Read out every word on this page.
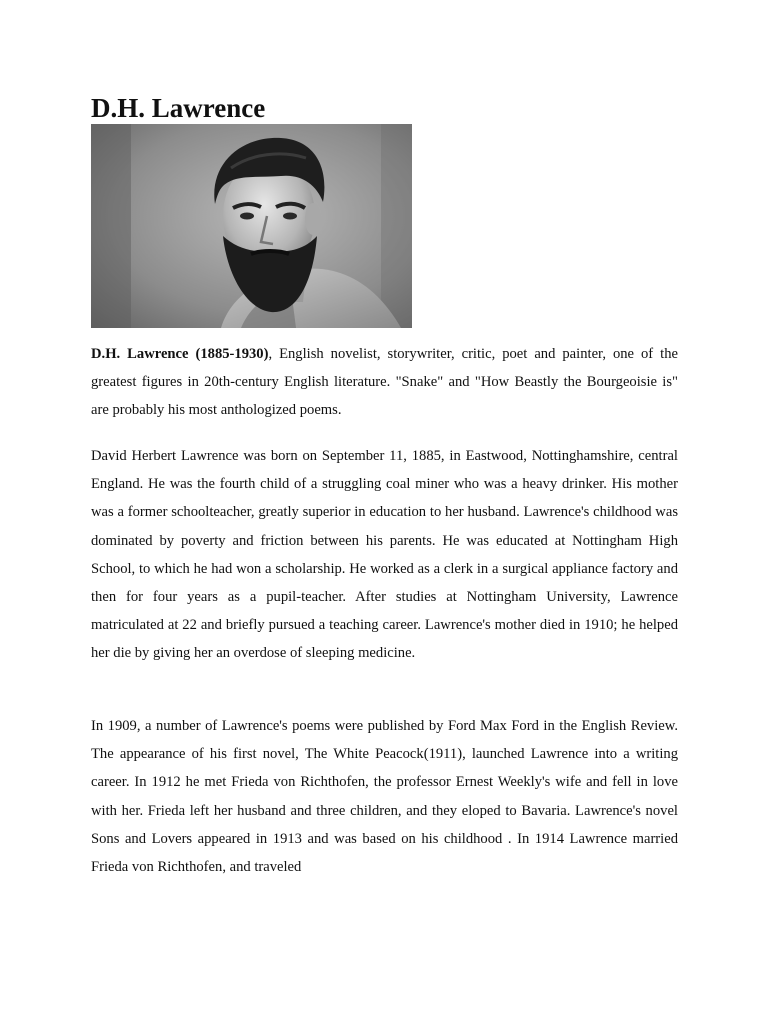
D.H. Lawrence

D.H. Lawrence (1885-1930), English novelist, storywriter, critic, poet and painter, one of the greatest figures in 20th-century English literature. "Snake" and "How Beastly the Bourgeoisie is" are probably his most anthologized poems.

David Herbert Lawrence was born on September 11, 1885, in Eastwood, Nottinghamshire, central England. He was the fourth child of a struggling coal miner who was a heavy drinker. His mother was a former schoolteacher, greatly superior in education to her husband. Lawrence's childhood was dominated by poverty and friction between his parents. He was educated at Nottingham High School, to which he had won a scholarship. He worked as a clerk in a surgical appliance factory and then for four years as a pupil-teacher. After studies at Nottingham University, Lawrence matriculated at 22 and briefly pursued a teaching career. Lawrence's mother died in 1910; he helped her die by giving her an overdose of sleeping medicine.

In 1909, a number of Lawrence's poems were published by Ford Max Ford in the English Review. The appearance of his first novel, The White Peacock(1911), launched Lawrence into a writing career. In 1912 he met Frieda von Richthofen, the professor Ernest Weekly's wife and fell in love with her. Frieda left her husband and three children, and they eloped to Bavaria. Lawrence's novel Sons and Lovers appeared in 1913 and was based on his childhood . In 1914 Lawrence married Frieda von Richthofen, and traveled
